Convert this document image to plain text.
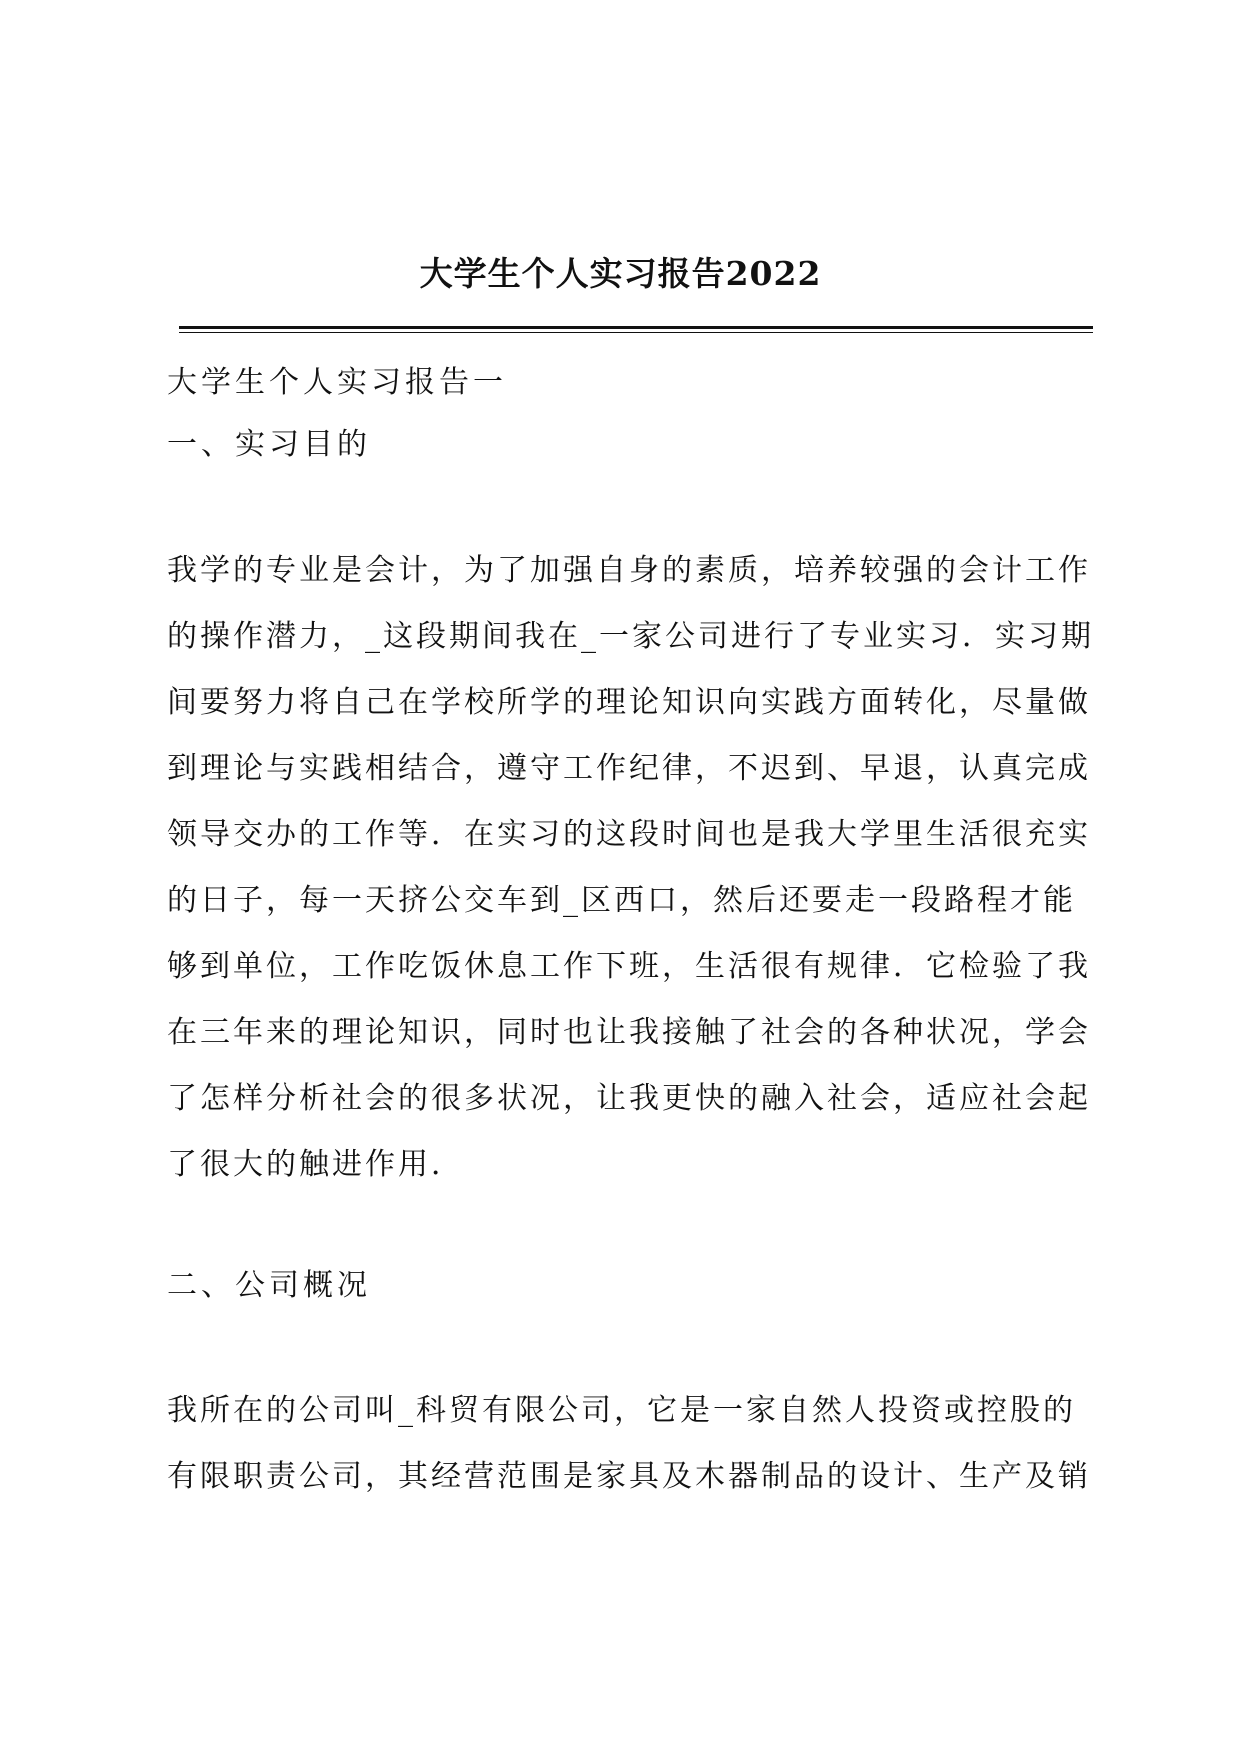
大学生个人实习报告2022
大学生个人实习报告一
一、实习目的
我学的专业是会计，为了加强自身的素质，培养较强的会计工作
的操作潜力，_这段期间我在_一家公司进行了专业实习．实习期
间要努力将自己在学校所学的理论知识向实践方面转化，尽量做
到理论与实践相结合，遵守工作纪律，不迟到、早退，认真完成
领导交办的工作等．在实习的这段时间也是我大学里生活很充实
的日子，每一天挤公交车到_区西口，然后还要走一段路程才能
够到单位，工作吃饭休息工作下班，生活很有规律．它检验了我
在三年来的理论知识，同时也让我接触了社会的各种状况，学会
了怎样分析社会的很多状况，让我更快的融入社会，适应社会起
了很大的触进作用．
二、公司概况
我所在的公司叫_科贸有限公司，它是一家自然人投资或控股的
有限职责公司，其经营范围是家具及木器制品的设计、生产及销
